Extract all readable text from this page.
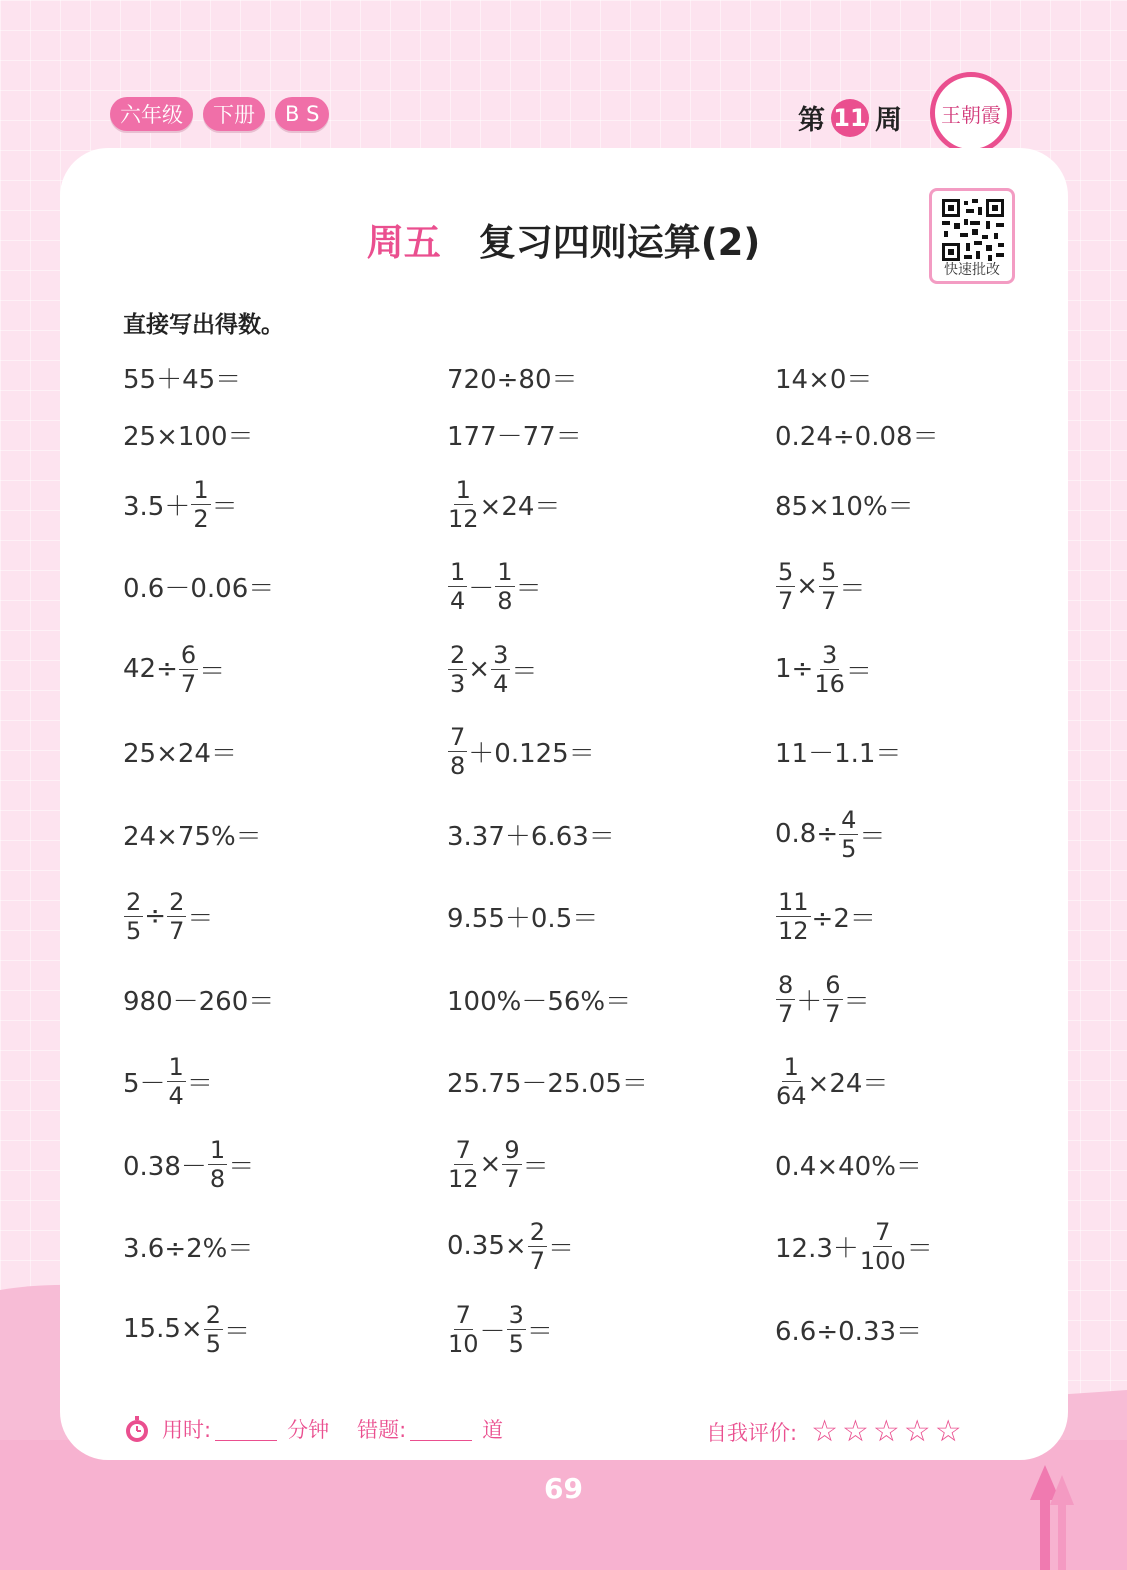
六年级	下册	B S	第 11 周 王朝霞
周五 复习四则运算(2)
快速批改
直接写出得数。
55＋45＝	720÷80＝	14×0＝
25×100＝	177－77＝	0.24÷0.08＝
$3.5+ \frac{1}{2}$ ＝	$\frac{1}{12} \times 24=$	85×10%＝
0.6－0.06＝	$\frac{1}{4} - \frac{1}{8}$ ＝	$\frac{5}{7} \times \frac{5}{7}$ ＝
$42\div \frac{6}{7}$ ＝	$\frac{2}{3} \times \frac{3}{4}$ ＝	$1\div \frac{3}{16}$ ＝
25×24＝	$\frac{7}{8} +0.125=$	11－1.1＝
24×75%＝	3.37＋6.63＝	$0.8\div \frac{4}{5}$ ＝
$\frac{2}{5} \div \frac{2}{7}$ ＝	9.55＋0.5＝	$\frac{11}{12} \div 2=$
980－260＝	100%－56%＝	$\frac{8}{7} + \frac{6}{7}$ ＝
$5- \frac{1}{4}$ ＝	25.75－25.05＝	$\frac{1}{64} \times 24=$
$0.38- \frac{1}{8}$ ＝	$\frac{7}{12} \times \frac{9}{7}$ ＝	0.4×40%＝
3.6÷2%＝	$0.35\times \frac{2}{7}$ ＝	$12.3+ \frac{7}{100}$ ＝
$15.5\times \frac{2}{5}$ ＝	$\frac{7}{10} - \frac{3}{5}$ ＝	6.6÷0.33＝
用时:	分钟 错题:	道	自我评价: ☆ ☆ ☆ ☆ ☆
69
